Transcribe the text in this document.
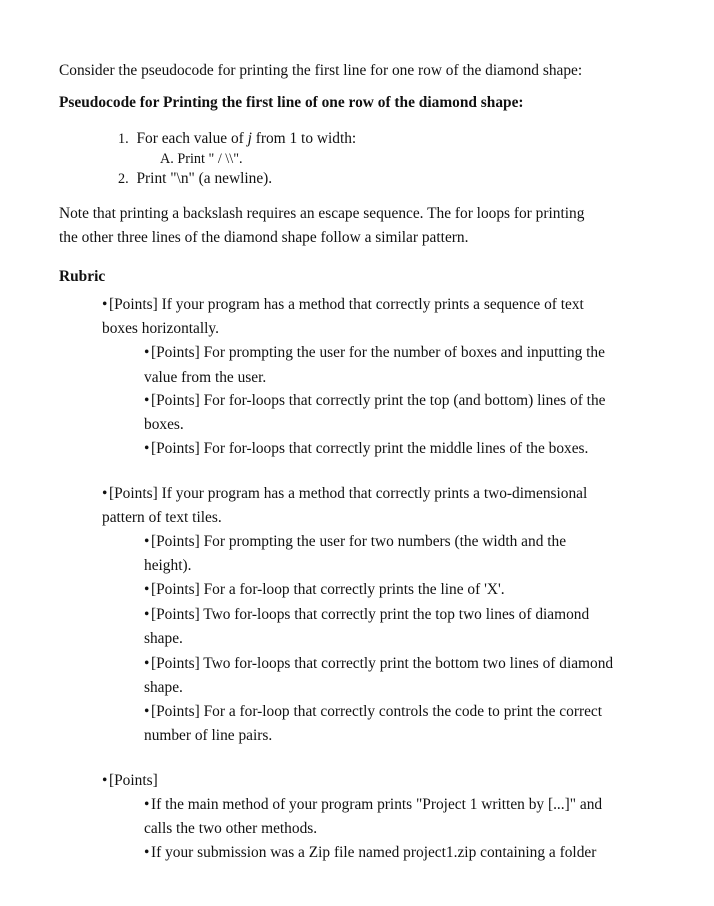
Consider the pseudocode for printing the first line for one row of the diamond shape:
Pseudocode for Printing the first line of one row of the diamond shape:
1. For each value of j from 1 to width:
A. Print " / \\".
2. Print "\n" (a newline).
Note that printing a backslash requires an escape sequence. The for loops for printing
the other three lines of the diamond shape follow a similar pattern.
Rubric
• [Points] If your program has a method that correctly prints a sequence of text
boxes horizontally.
• [Points] For prompting the user for the number of boxes and inputting the
value from the user.
• [Points] For for-loops that correctly print the top (and bottom) lines of the
boxes.
• [Points] For for-loops that correctly print the middle lines of the boxes.
• [Points] If your program has a method that correctly prints a two-dimensional
pattern of text tiles.
• [Points] For prompting the user for two numbers (the width and the
height).
• [Points] For a for-loop that correctly prints the line of 'X'.
• [Points] Two for-loops that correctly print the top two lines of diamond
shape.
• [Points] Two for-loops that correctly print the bottom two lines of diamond
shape.
• [Points] For a for-loop that correctly controls the code to print the correct
number of line pairs.
• [Points]
• If the main method of your program prints "Project 1 written by [...]" and
calls the two other methods.
• If your submission was a Zip file named project1.zip containing a folder
